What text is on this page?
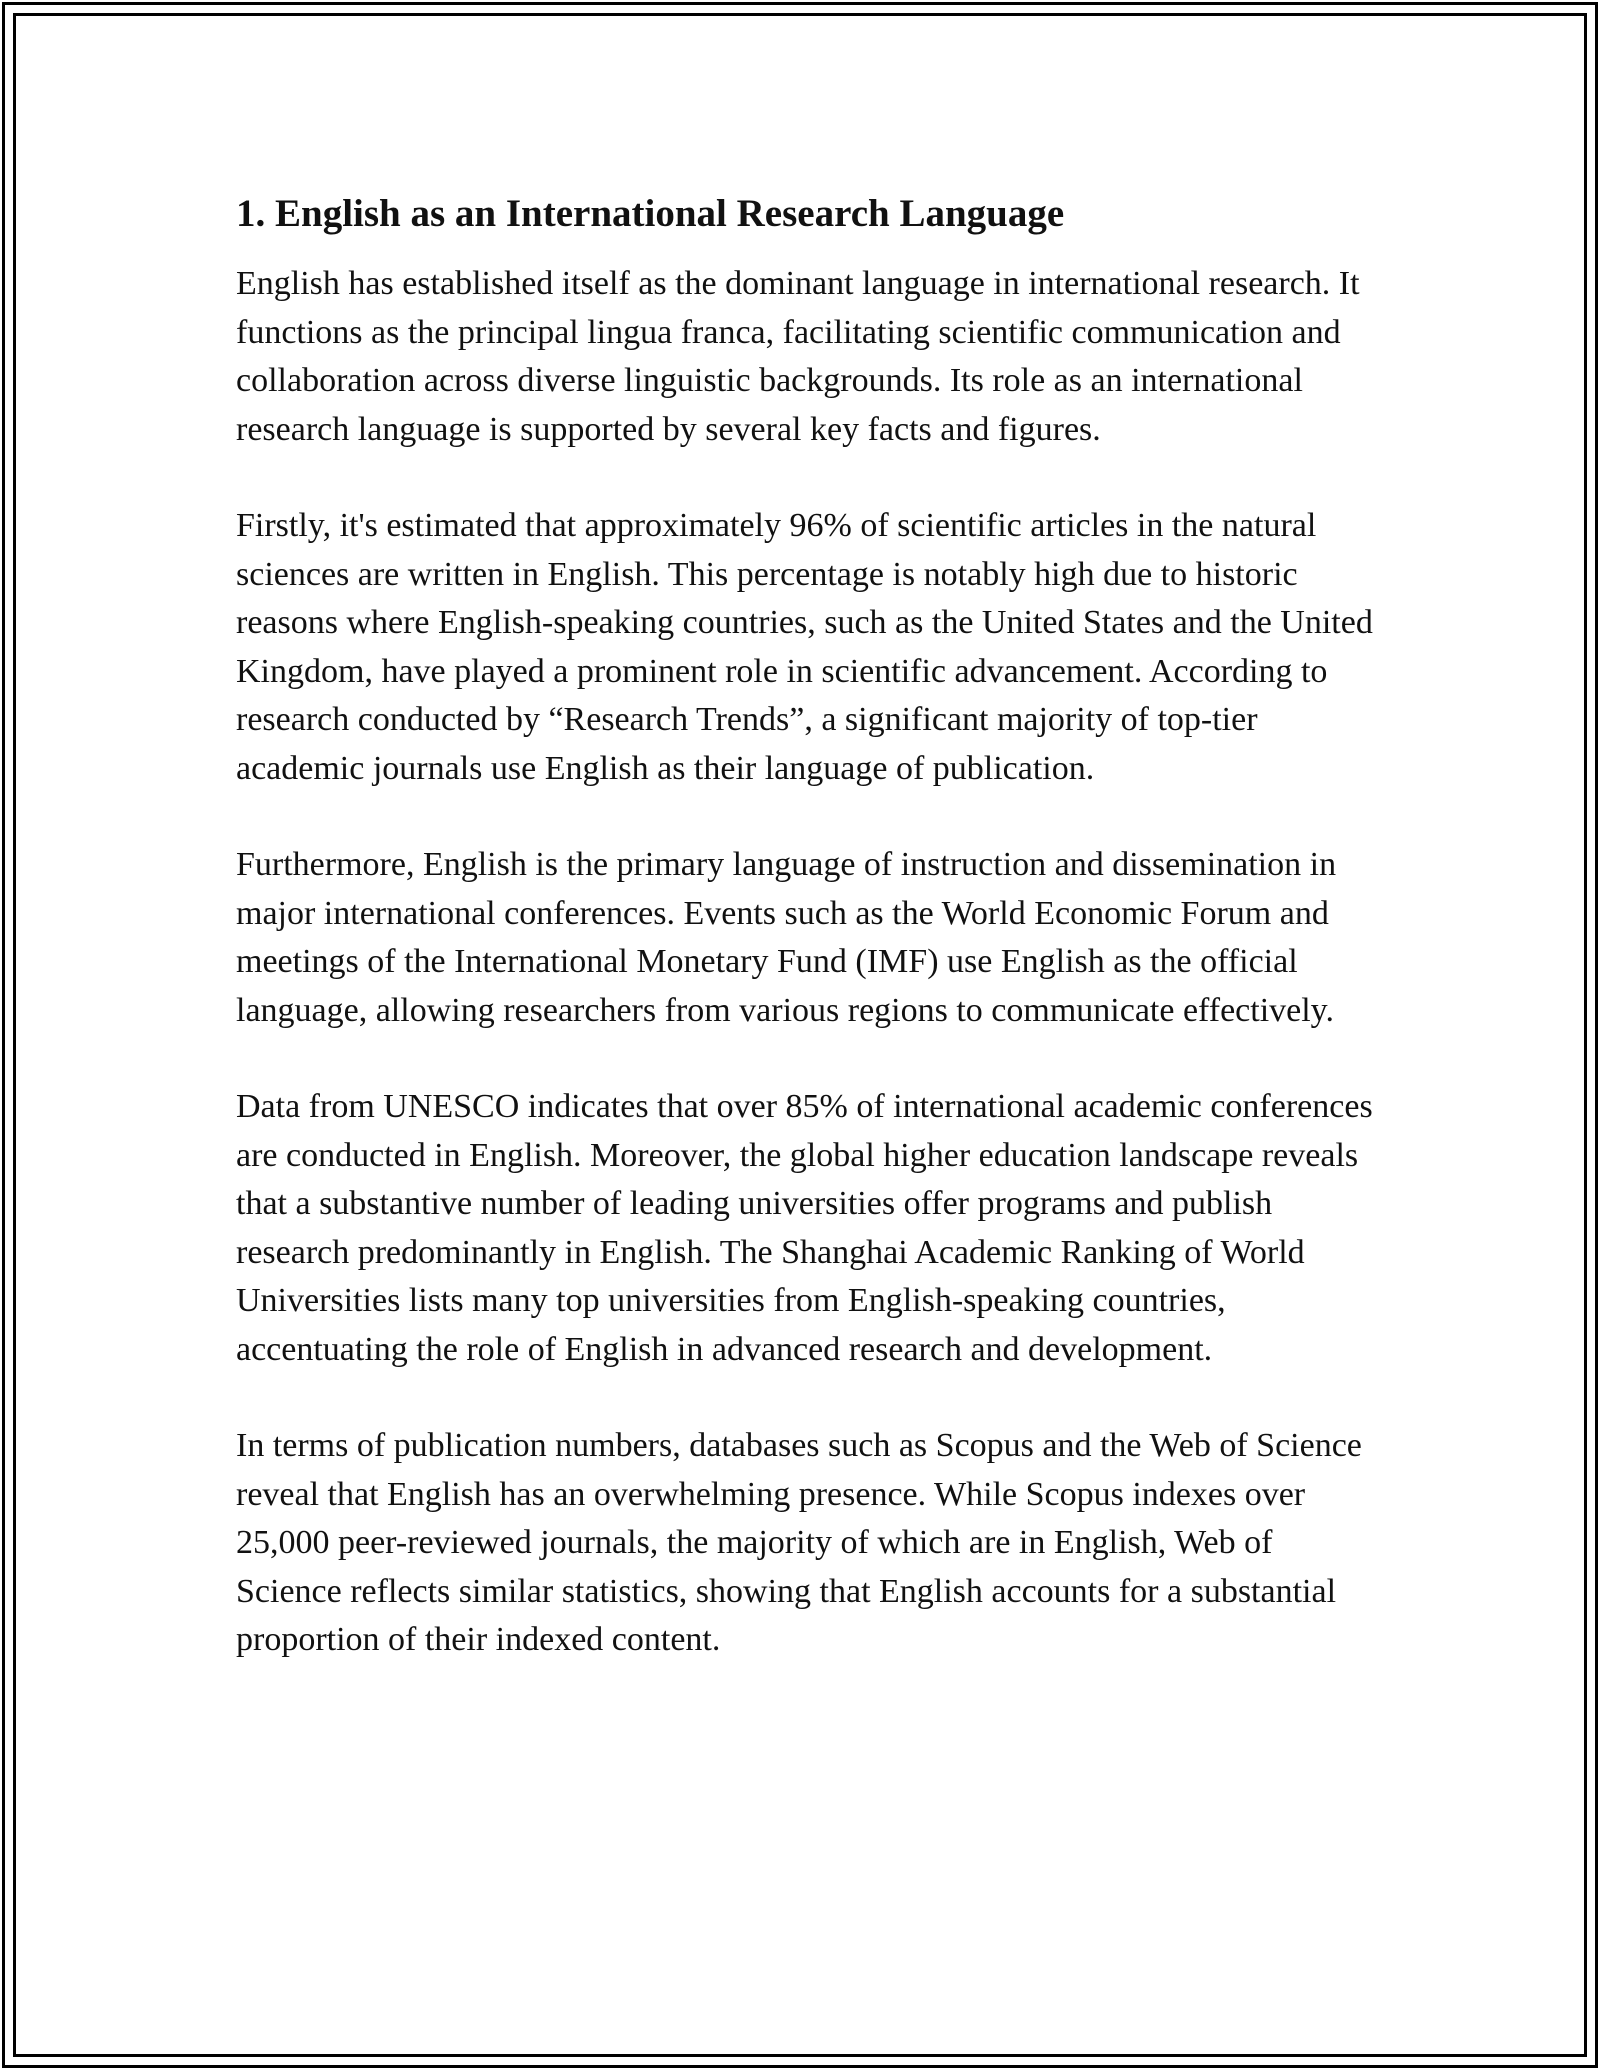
1. English as an International Research Language

English has established itself as the dominant language in international research. It functions as the principal lingua franca, facilitating scientific communication and collaboration across diverse linguistic backgrounds. Its role as an international research language is supported by several key facts and figures.

Firstly, it's estimated that approximately 96% of scientific articles in the natural sciences are written in English. This percentage is notably high due to historic reasons where English-speaking countries, such as the United States and the United Kingdom, have played a prominent role in scientific advancement. According to research conducted by “Research Trends”, a significant majority of top-tier academic journals use English as their language of publication.

Furthermore, English is the primary language of instruction and dissemination in major international conferences. Events such as the World Economic Forum and meetings of the International Monetary Fund (IMF) use English as the official language, allowing researchers from various regions to communicate effectively.

Data from UNESCO indicates that over 85% of international academic conferences are conducted in English. Moreover, the global higher education landscape reveals that a substantive number of leading universities offer programs and publish research predominantly in English. The Shanghai Academic Ranking of World Universities lists many top universities from English-speaking countries, accentuating the role of English in advanced research and development.

In terms of publication numbers, databases such as Scopus and the Web of Science reveal that English has an overwhelming presence. While Scopus indexes over 25,000 peer-reviewed journals, the majority of which are in English, Web of Science reflects similar statistics, showing that English accounts for a substantial proportion of their indexed content.
